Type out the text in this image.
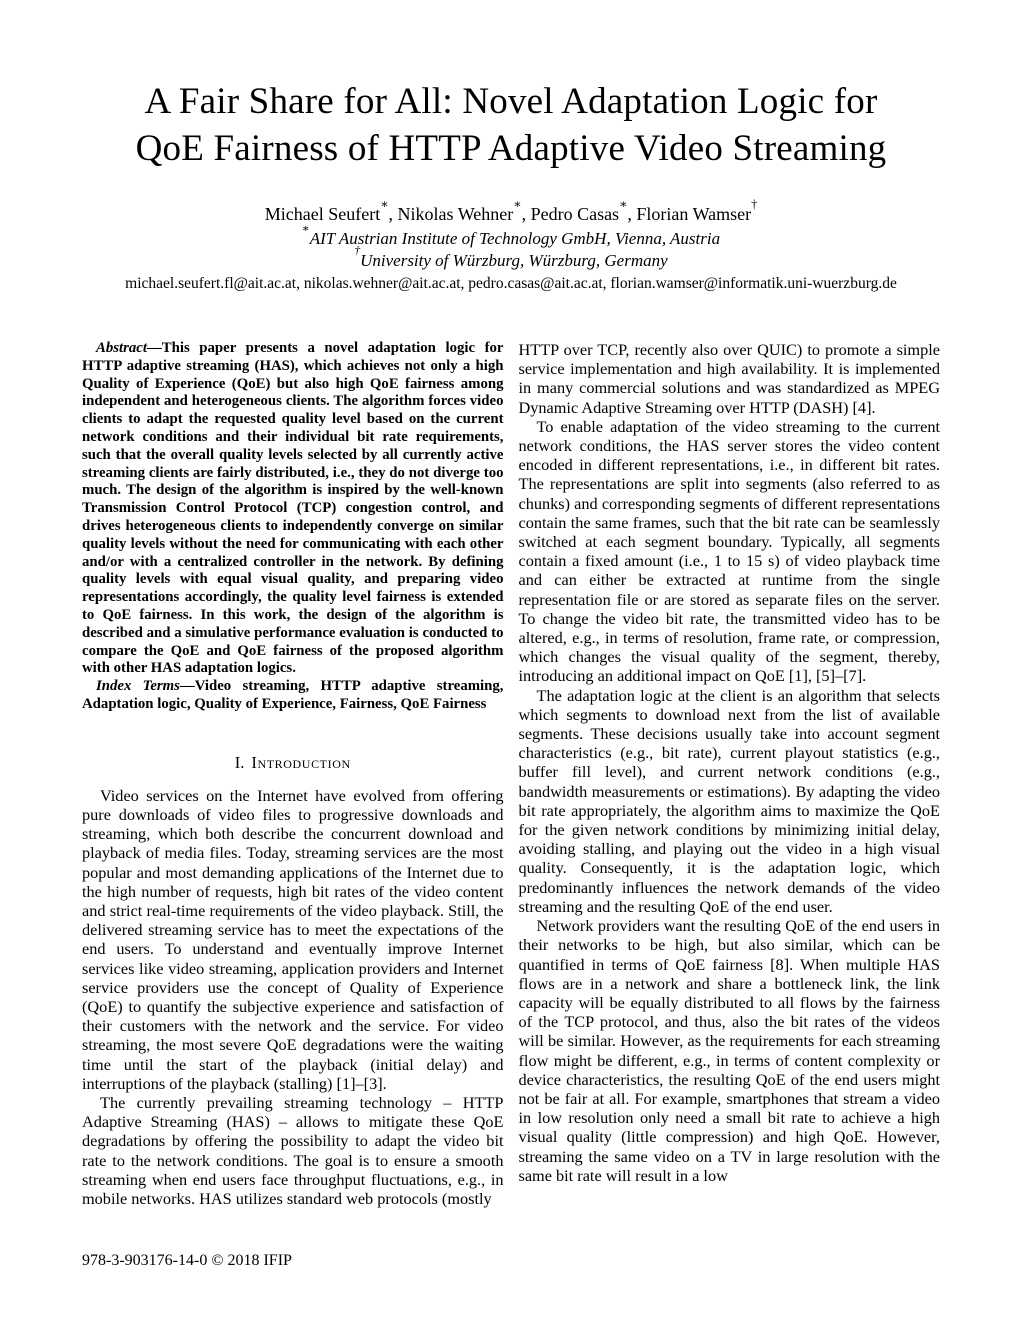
A Fair Share for All: Novel Adaptation Logic for
QoE Fairness of HTTP Adaptive Video Streaming
Michael Seufert∗, Nikolas Wehner∗, Pedro Casas∗, Florian Wamser†
∗AIT Austrian Institute of Technology GmbH, Vienna, Austria
†University of Würzburg, Würzburg, Germany
michael.seufert.fl@ait.ac.at, nikolas.wehner@ait.ac.at, pedro.casas@ait.ac.at, florian.wamser@informatik.uni-wuerzburg.de

Abstract—This paper presents a novel adaptation logic for HTTP adaptive streaming (HAS), which achieves not only a high Quality of Experience (QoE) but also high QoE fairness among independent and heterogeneous clients. The algorithm forces video clients to adapt the requested quality level based on the current network conditions and their individual bit rate requirements, such that the overall quality levels selected by all currently active streaming clients are fairly distributed, i.e., they do not diverge too much. The design of the algorithm is inspired by the well-known Transmission Control Protocol (TCP) congestion control, and drives heterogeneous clients to independently converge on similar quality levels without the need for communicating with each other and/or with a centralized controller in the network. By defining quality levels with equal visual quality, and preparing video representations accordingly, the quality level fairness is extended to QoE fairness. In this work, the design of the algorithm is described and a simulative performance evaluation is conducted to compare the QoE and QoE fairness of the proposed algorithm with other HAS adaptation logics.

Index Terms—Video streaming, HTTP adaptive streaming, Adaptation logic, Quality of Experience, Fairness, QoE Fairness

I. Introduction

Video services on the Internet have evolved from offering pure downloads of video files to progressive downloads and streaming, which both describe the concurrent download and playback of media files. Today, streaming services are the most popular and most demanding applications of the Internet due to the high number of requests, high bit rates of the video content and strict real-time requirements of the video playback. Still, the delivered streaming service has to meet the expectations of the end users. To understand and eventually improve Internet services like video streaming, application providers and Internet service providers use the concept of Quality of Experience (QoE) to quantify the subjective experience and satisfaction of their customers with the network and the service. For video streaming, the most severe QoE degradations were the waiting time until the start of the playback (initial delay) and interruptions of the playback (stalling) [1]–[3].

The currently prevailing streaming technology – HTTP Adaptive Streaming (HAS) – allows to mitigate these QoE degradations by offering the possibility to adapt the video bit rate to the network conditions. The goal is to ensure a smooth streaming when end users face throughput fluctuations, e.g., in mobile networks. HAS utilizes standard web protocols (mostly

HTTP over TCP, recently also over QUIC) to promote a simple service implementation and high availability. It is implemented in many commercial solutions and was standardized as MPEG Dynamic Adaptive Streaming over HTTP (DASH) [4].

To enable adaptation of the video streaming to the current network conditions, the HAS server stores the video content encoded in different representations, i.e., in different bit rates. The representations are split into segments (also referred to as chunks) and corresponding segments of different representations contain the same frames, such that the bit rate can be seamlessly switched at each segment boundary. Typically, all segments contain a fixed amount (i.e., 1 to 15 s) of video playback time and can either be extracted at runtime from the single representation file or are stored as separate files on the server. To change the video bit rate, the transmitted video has to be altered, e.g., in terms of resolution, frame rate, or compression, which changes the visual quality of the segment, thereby, introducing an additional impact on QoE [1], [5]–[7].

The adaptation logic at the client is an algorithm that selects which segments to download next from the list of available segments. These decisions usually take into account segment characteristics (e.g., bit rate), current playout statistics (e.g., buffer fill level), and current network conditions (e.g., bandwidth measurements or estimations). By adapting the video bit rate appropriately, the algorithm aims to maximize the QoE for the given network conditions by minimizing initial delay, avoiding stalling, and playing out the video in a high visual quality. Consequently, it is the adaptation logic, which predominantly influences the network demands of the video streaming and the resulting QoE of the end user.

Network providers want the resulting QoE of the end users in their networks to be high, but also similar, which can be quantified in terms of QoE fairness [8]. When multiple HAS flows are in a network and share a bottleneck link, the link capacity will be equally distributed to all flows by the fairness of the TCP protocol, and thus, also the bit rates of the videos will be similar. However, as the requirements for each streaming flow might be different, e.g., in terms of content complexity or device characteristics, the resulting QoE of the end users might not be fair at all. For example, smartphones that stream a video in low resolution only need a small bit rate to achieve a high visual quality (little compression) and high QoE. However, streaming the same video on a TV in large resolution with the same bit rate will result in a low

978-3-903176-14-0 © 2018 IFIP
